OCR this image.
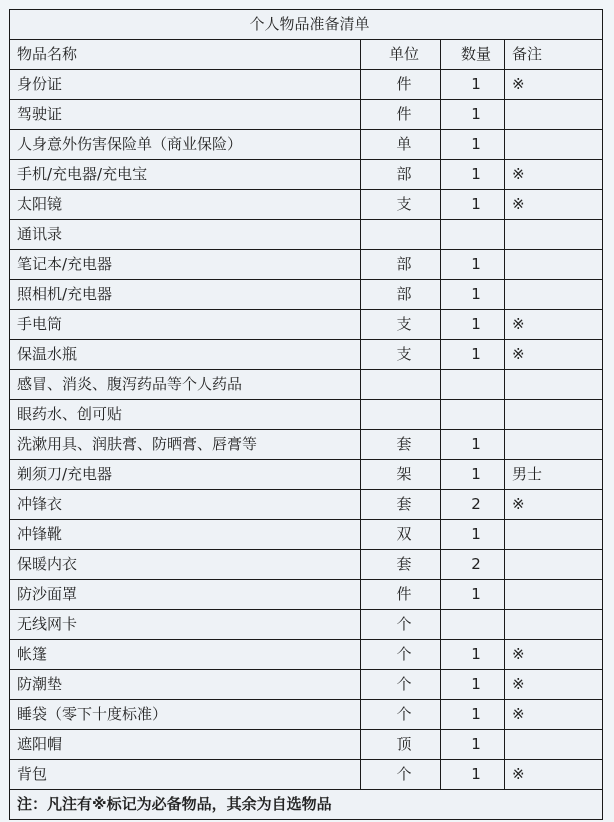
个人物品准备清单			
物品名称	单位	数量	备注
身份证	件	1	※
驾驶证	件	1	
人身意外伤害保险单（商业保险）	单	1	
手机/充电器/充电宝	部	1	※
太阳镜	支	1	※
通讯录			
笔记本/充电器	部	1	
照相机/充电器	部	1	
手电筒	支	1	※
保温水瓶	支	1	※
感冒、消炎、腹泻药品等个人药品			
眼药水、创可贴			
洗漱用具、润肤膏、防晒膏、唇膏等	套	1	
剃须刀/充电器	架	1	男士
冲锋衣	套	2	※
冲锋靴	双	1	
保暖内衣	套	2	
防沙面罩	件	1	
无线网卡	个		
帐篷	个	1	※
防潮垫	个	1	※
睡袋（零下十度标准）	个	1	※
遮阳帽	顶	1	
背包	个	1	※
注：凡注有※标记为必备物品，其余为自选物品			
